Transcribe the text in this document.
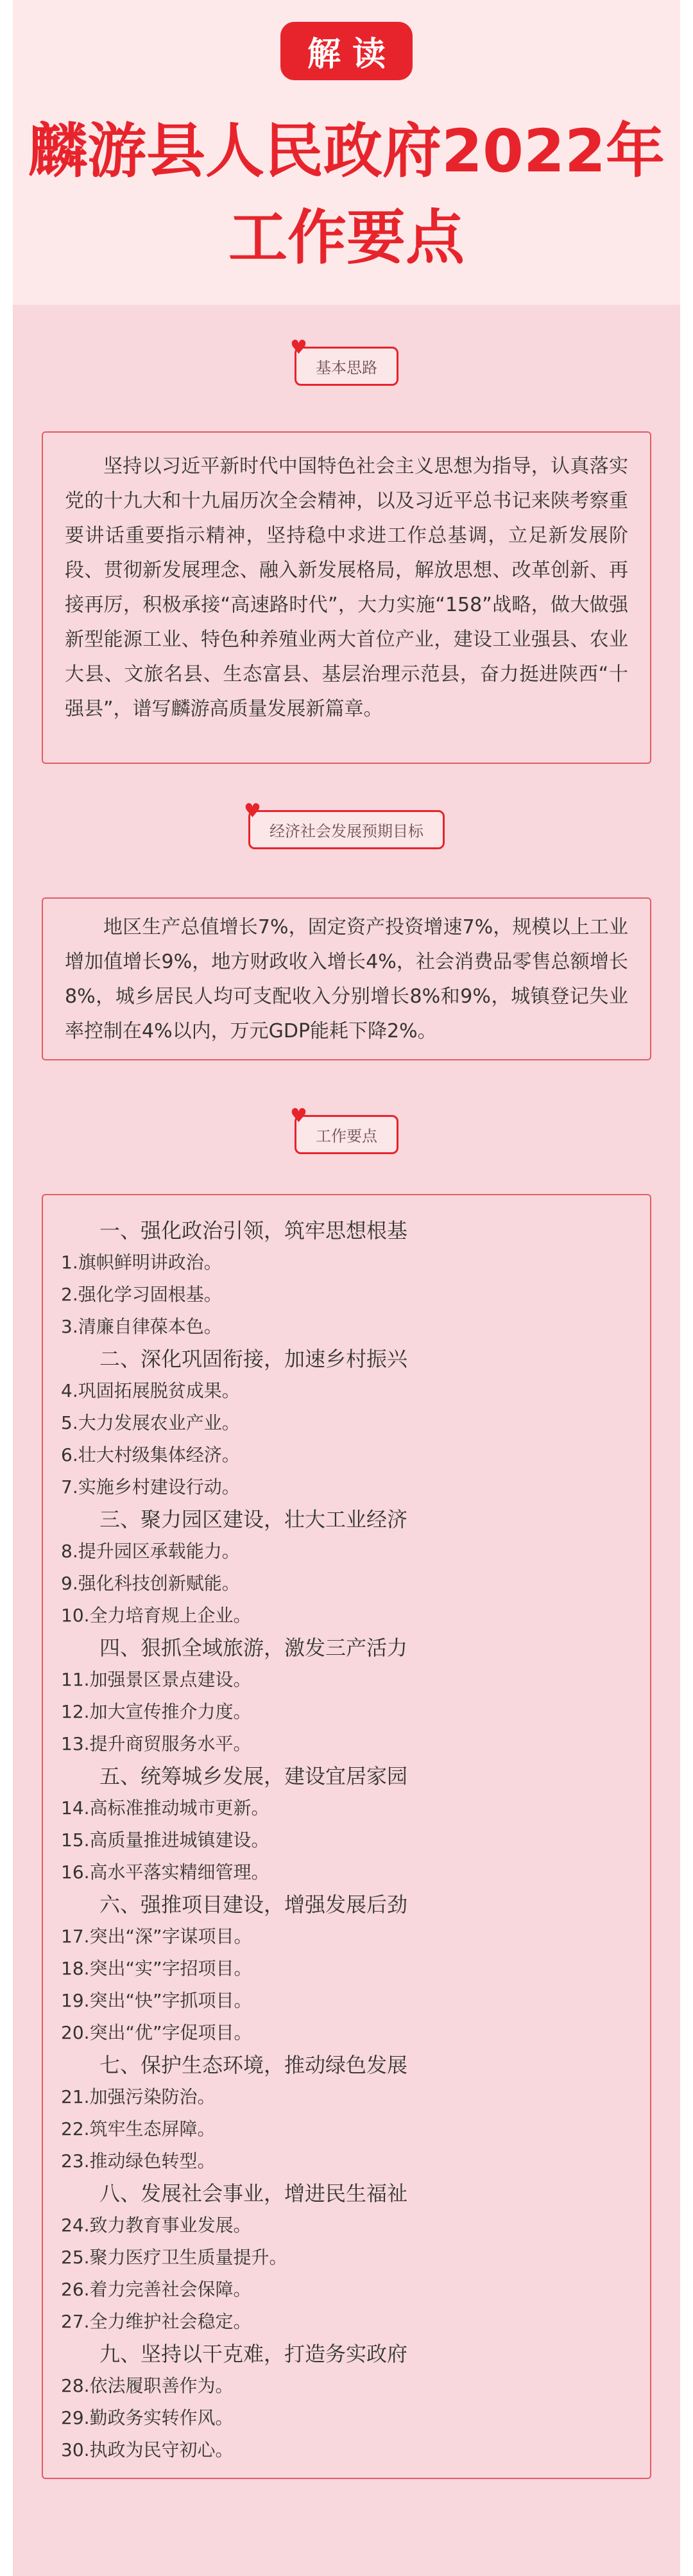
解读
麟游县人民政府2022年
工作要点
♥
基本思路
坚持以习近平新时代中国特色社会主义思想为指导，认真落实党的十九大和十九届历次全会精神，以及习近平总书记来陕考察重要讲话重要指示精神，坚持稳中求进工作总基调，立足新发展阶段、贯彻新发展理念、融入新发展格局，解放思想、改革创新、再接再厉，积极承接“高速路时代”，大力实施“158”战略，做大做强新型能源工业、特色种养殖业两大首位产业，建设工业强县、农业大县、文旅名县、生态富县、基层治理示范县，奋力挺进陕西“十强县”，谱写麟游高质量发展新篇章。
♥
经济社会发展预期目标
地区生产总值增长7%，固定资产投资增速7%，规模以上工业增加值增长9%，地方财政收入增长4%，社会消费品零售总额增长8%，城乡居民人均可支配收入分别增长8%和9%，城镇登记失业率控制在4%以内，万元GDP能耗下降2%。
♥
工作要点
一、强化政治引领，筑牢思想根基
1.旗帜鲜明讲政治。
2.强化学习固根基。
3.清廉自律葆本色。
二、深化巩固衔接，加速乡村振兴
4.巩固拓展脱贫成果。
5.大力发展农业产业。
6.壮大村级集体经济。
7.实施乡村建设行动。
三、聚力园区建设，壮大工业经济
8.提升园区承载能力。
9.强化科技创新赋能。
10.全力培育规上企业。
四、狠抓全域旅游，激发三产活力
11.加强景区景点建设。
12.加大宣传推介力度。
13.提升商贸服务水平。
五、统筹城乡发展，建设宜居家园
14.高标准推动城市更新。
15.高质量推进城镇建设。
16.高水平落实精细管理。
六、强推项目建设，增强发展后劲
17.突出“深”字谋项目。
18.突出“实”字招项目。
19.突出“快”字抓项目。
20.突出“优”字促项目。
七、保护生态环境，推动绿色发展
21.加强污染防治。
22.筑牢生态屏障。
23.推动绿色转型。
八、发展社会事业，增进民生福祉
24.致力教育事业发展。
25.聚力医疗卫生质量提升。
26.着力完善社会保障。
27.全力维护社会稳定。
九、坚持以干克难，打造务实政府
28.依法履职善作为。
29.勤政务实转作风。
30.执政为民守初心。
